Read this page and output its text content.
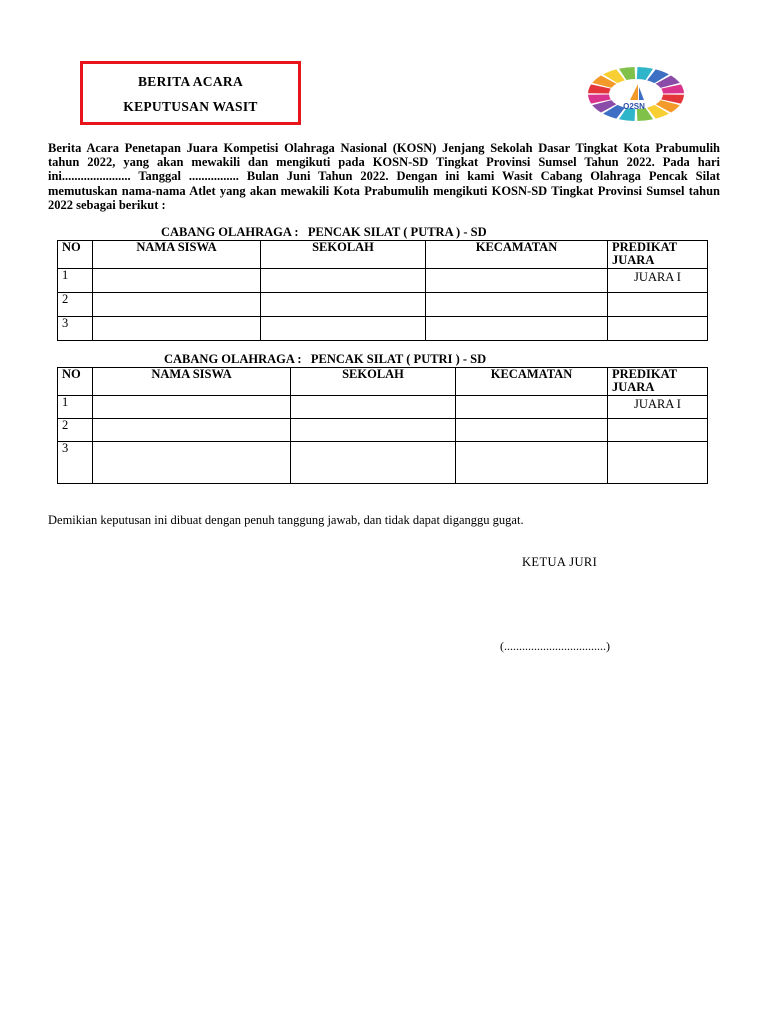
BERITA ACARA
KEPUTUSAN WASIT	O2SN

Berita Acara Penetapan Juara Kompetisi Olahraga Nasional (KOSN) Jenjang Sekolah Dasar Tingkat Kota Prabumulih tahun 2022, yang akan mewakili dan mengikuti pada KOSN-SD Tingkat Provinsi Sumsel Tahun 2022. Pada hari ini...................... Tanggal ................ Bulan Juni Tahun 2022. Dengan ini kami Wasit Cabang Olahraga Pencak Silat memutuskan nama-nama Atlet yang akan mewakili Kota Prabumulih mengikuti KOSN-SD Tingkat Provinsi Sumsel tahun 2022 sebagai berikut :

CABANG OLAHRAGA :   PENCAK SILAT ( PUTRA ) - SD
NO	NAMA SISWA	SEKOLAH	KECAMATAN	PREDIKAT JUARA
1				JUARA I
2				
3				
CABANG OLAHRAGA :   PENCAK SILAT ( PUTRI ) - SD
NO	NAMA SISWA	SEKOLAH	KECAMATAN	PREDIKAT JUARA
1				JUARA I
2				
3				
Demikian keputusan ini dibuat dengan penuh tanggung jawab, dan tidak dapat diganggu gugat.
KETUA JURI
(..................................)
